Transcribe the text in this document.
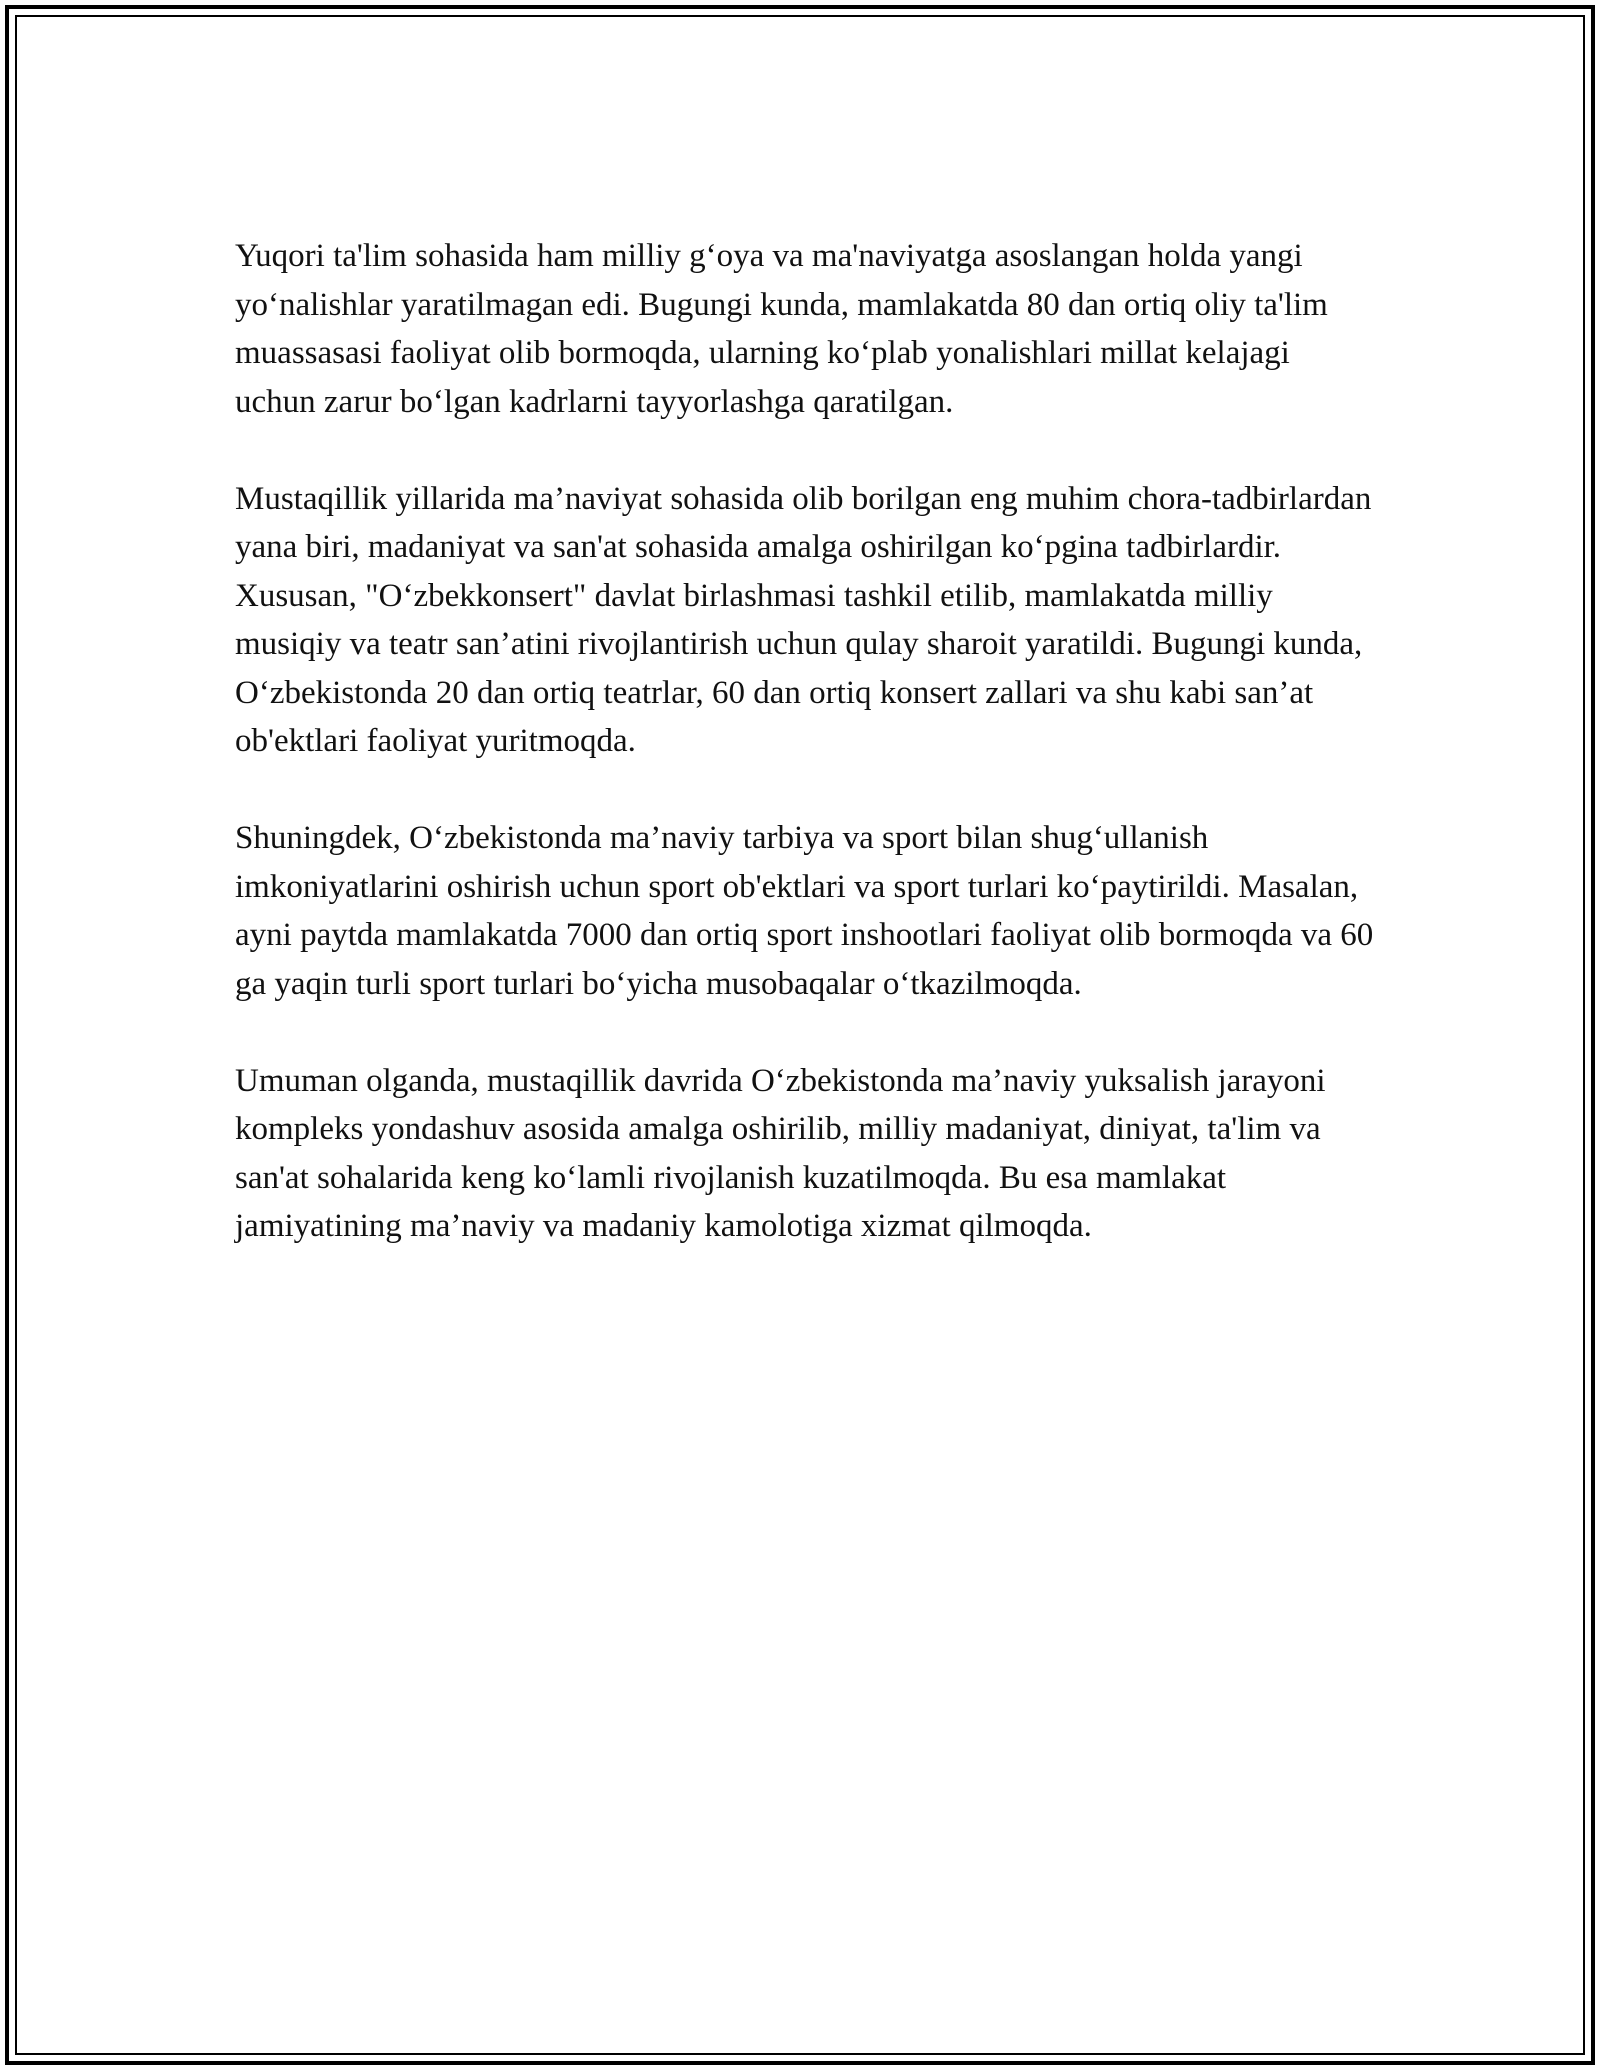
Yuqori ta'lim sohasida ham milliy g‘oya va ma'naviyatga asoslangan holda yangi yo‘nalishlar yaratilmagan edi. Bugungi kunda, mamlakatda 80 dan ortiq oliy ta'lim muassasasi faoliyat olib bormoqda, ularning ko‘plab yonalishlari millat kelajagi uchun zarur bo‘lgan kadrlarni tayyorlashga qaratilgan.

Mustaqillik yillarida ma’naviyat sohasida olib borilgan eng muhim chora-tadbirlardan yana biri, madaniyat va san'at sohasida amalga oshirilgan ko‘pgina tadbirlardir. Xususan, "O‘zbekkonsert" davlat birlashmasi tashkil etilib, mamlakatda milliy musiqiy va teatr san’atini rivojlantirish uchun qulay sharoit yaratildi. Bugungi kunda, O‘zbekistonda 20 dan ortiq teatrlar, 60 dan ortiq konsert zallari va shu kabi san’at ob'ektlari faoliyat yuritmoqda.

Shuningdek, O‘zbekistonda ma’naviy tarbiya va sport bilan shug‘ullanish imkoniyatlarini oshirish uchun sport ob'ektlari va sport turlari ko‘paytirildi. Masalan, ayni paytda mamlakatda 7000 dan ortiq sport inshootlari faoliyat olib bormoqda va 60 ga yaqin turli sport turlari bo‘yicha musobaqalar o‘tkazilmoqda.

Umuman olganda, mustaqillik davrida O‘zbekistonda ma’naviy yuksalish jarayoni kompleks yondashuv asosida amalga oshirilib, milliy madaniyat, diniyat, ta'lim va san'at sohalarida keng ko‘lamli rivojlanish kuzatilmoqda. Bu esa mamlakat jamiyatining ma’naviy va madaniy kamolotiga xizmat qilmoqda.
